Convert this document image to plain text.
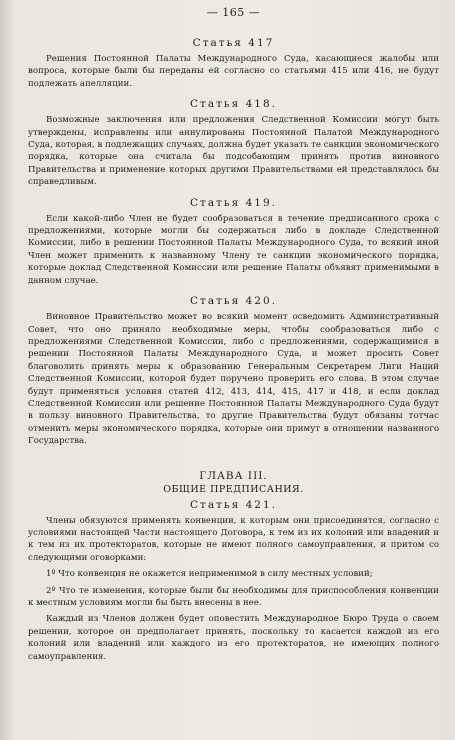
— 165 —
Статья 417

Решения Постоянной Палаты Международного Суда, касающиеся жалобы или вопроса, которые были бы переданы ей согласно со статьями 415 или 416, не будут подлежать апелляции.

Статья 418.

Возможные заключения или предложения Следственной Комиссии могут быть утверждены, исправлены или аннулированы Постоянной Палатой Международного Суда, которая, в подлежащих случаях, должна будет указать те санкции экономического порядка, которые она считала бы подсобающим принять против виновного Правительства и применение которых другими Правительствами ей представлялось бы справедливым.

Статья 419.

Если какой-либо Член не будет сообразоваться в течение предписанного срока с предложениями, которые могли бы содержаться либо в докладе Следственной Комиссии, либо в решении Постоянной Палаты Международного Суда, то всякий иной Член может применить к названному Члену те санкции экономического порядка, которые доклад Следственной Комиссии или решение Палаты объявят применимыми в данном случае.

Статья 420.

Виновное Правительство может во всякий момент осведомить Административный Совет, что оно приняло необходимые меры, чтобы сообразоваться либо с предложениями Следственной Комиссии, либо с предложениями, содержащимися в решении Постоянной Палаты Международного Суда, и может просить Совет благоволить принять меры к образованию Генеральным Секретарем Лиги Наций Следственной Комиссии, которой будет поручено проверить его слова. В этом случае будут применяться условия статей 412, 413, 414, 415, 417 и 418, и если доклад Следственной Комиссии или решение Постоянной Палаты Международного Суда будут в пользу виновного Правительства, то другие Правительства будут обязаны тотчас отменить меры экономического порядка, которые они примут в отношении названного Государства.

ГЛАВА III.
ОБЩИЕ ПРЕДПИСАНИЯ.
Статья 421.

Члены обязуются применять конвенции, к которым они присоединятся, согласно с условиями настоящей Части настоящего Договора, к тем из их колоний или владений и к тем из их протекторатов, которые не имеют полного самоуправления, и притом со следующими оговорками:

1º Что конвенция не окажется неприменимой в силу местных условий;

2º Что те изменения, которые были бы необходимы для приспособления конвенции к местным условиям могли бы быть внесены в нее.

Каждый из Членов должен будет оповестить Международное Бюро Труда о своем решении, которое он предполагает принять, поскольку то касается каждой из его колоний или владений или каждого из его протекторатов, не имеющих полного самоуправления.
